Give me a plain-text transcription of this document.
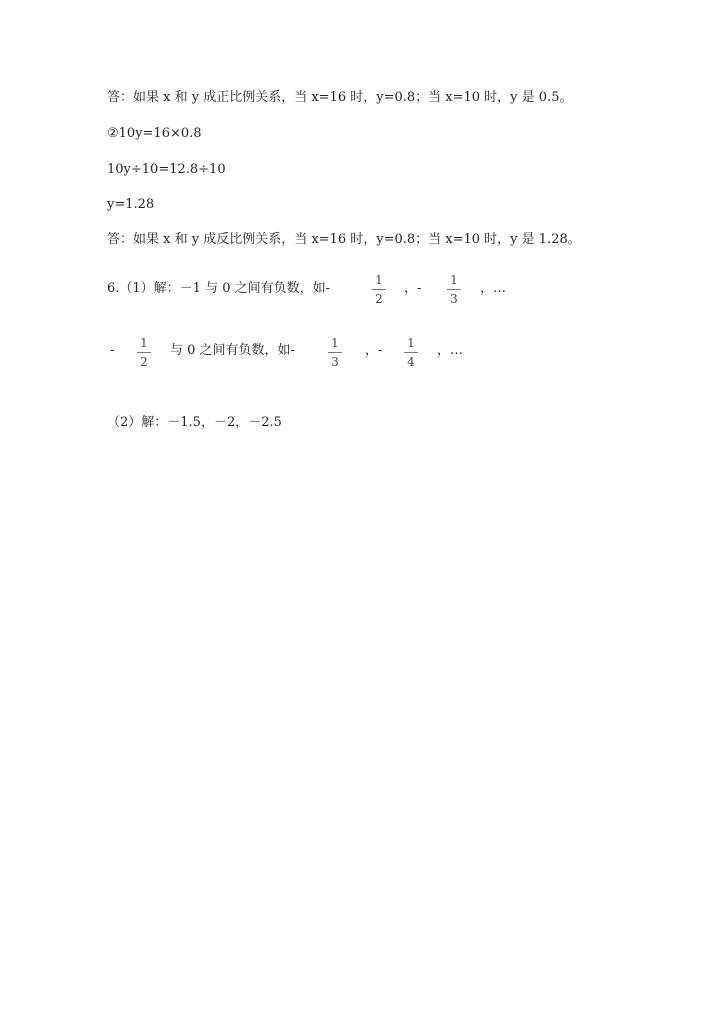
答：如果 x 和 y 成正比例关系，当 x=16 时，y=0.8；当 x=10 时，y 是 0.5。
②10y=16×0.8
10y÷10=12.8÷10
y=1.28
答：如果 x 和 y 成反比例关系，当 x=16 时，y=0.8；当 x=10 时，y 是 1.28。
6.（1）解：－1 与 0 之间有负数，如-
1
2
，-
1
3
，…
-	1
2
与 0 之间有负数，如-	1
3
，-	1
4
，…
（2）解：－1.5，－2，－2.5
